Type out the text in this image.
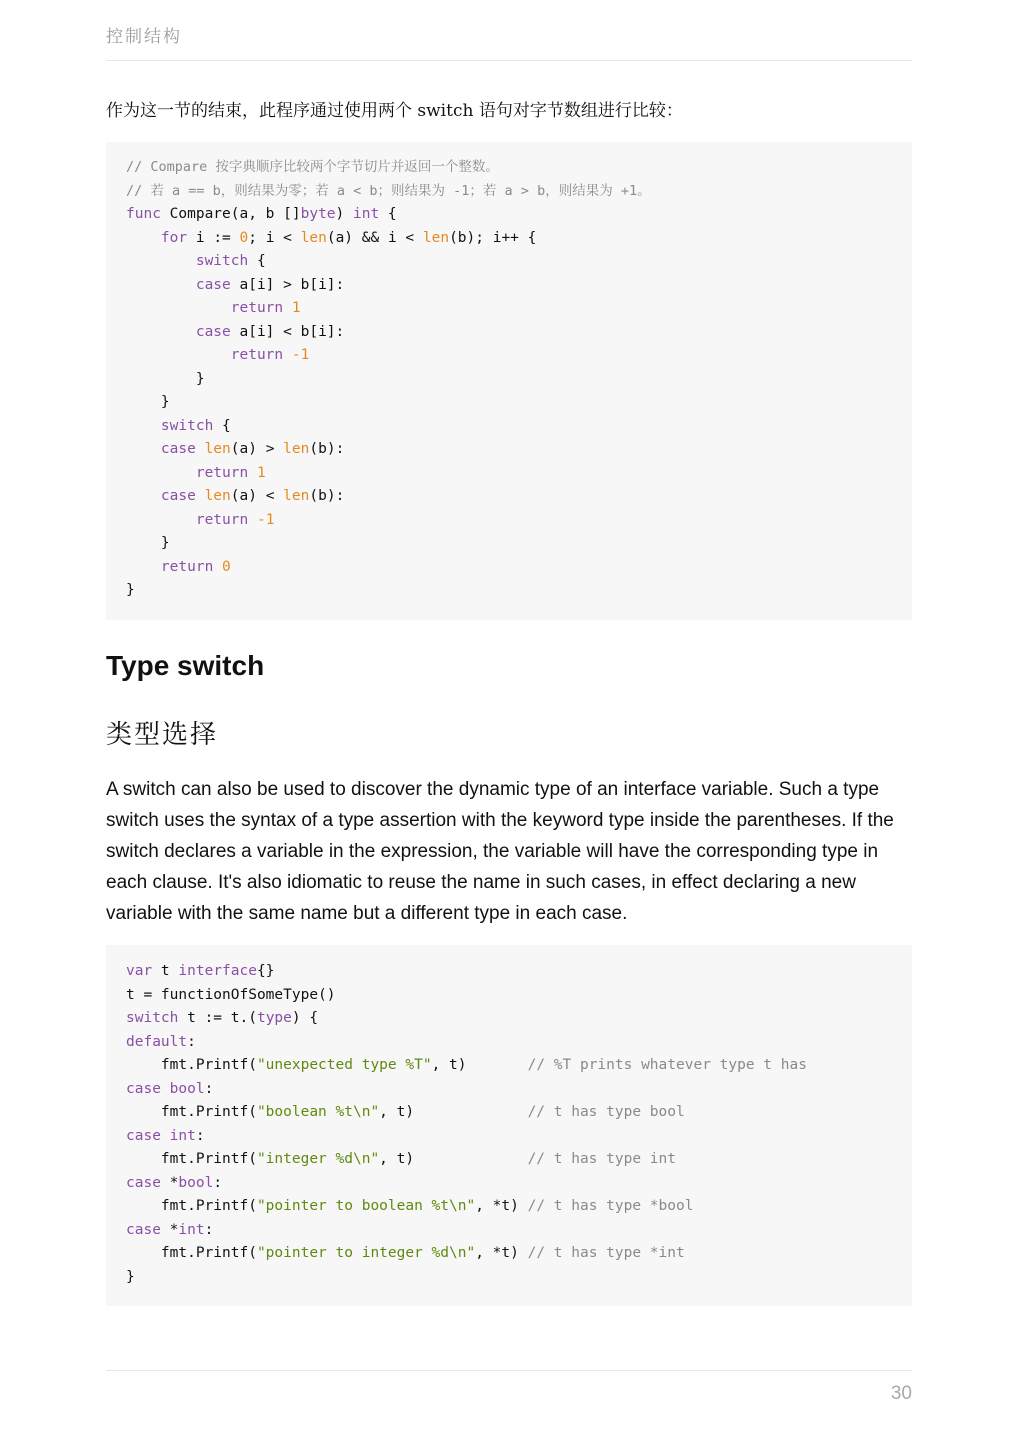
控制结构
作为这一节的结束，此程序通过使用两个 switch 语句对字节数组进行比较：
// Compare 按字典顺序比较两个字节切片并返回一个整数。
// 若 a == b，则结果为零；若 a < b；则结果为 -1；若 a > b，则结果为 +1。
func Compare(a, b []byte) int {
for i := 0; i < len(a) && i < len(b); i++ {
switch {
case a[i] > b[i]:
return 1
case a[i] < b[i]:
return -1
}
}
switch {
case len(a) > len(b):
return 1
case len(a) < len(b):
return -1
}
return 0
}
Type switch
类型选择
A switch can also be used to discover the dynamic type of an interface variable. Such a type switch uses the syntax of a type assertion with the keyword type inside the parentheses. If the switch declares a variable in the expression, the variable will have the corresponding type in each clause. It's also idiomatic to reuse the name in such cases, in effect declaring a new variable with the same name but a different type in each case.
var t interface{}
t = functionOfSomeType()
switch t := t.(type) {
default:
fmt.Printf("unexpected type %T", t)       // %T prints whatever type t has
case bool:
fmt.Printf("boolean %t\n", t)             // t has type bool
case int:
fmt.Printf("integer %d\n", t)             // t has type int
case *bool:
fmt.Printf("pointer to boolean %t\n", *t) // t has type *bool
case *int:
fmt.Printf("pointer to integer %d\n", *t) // t has type *int
}
30
